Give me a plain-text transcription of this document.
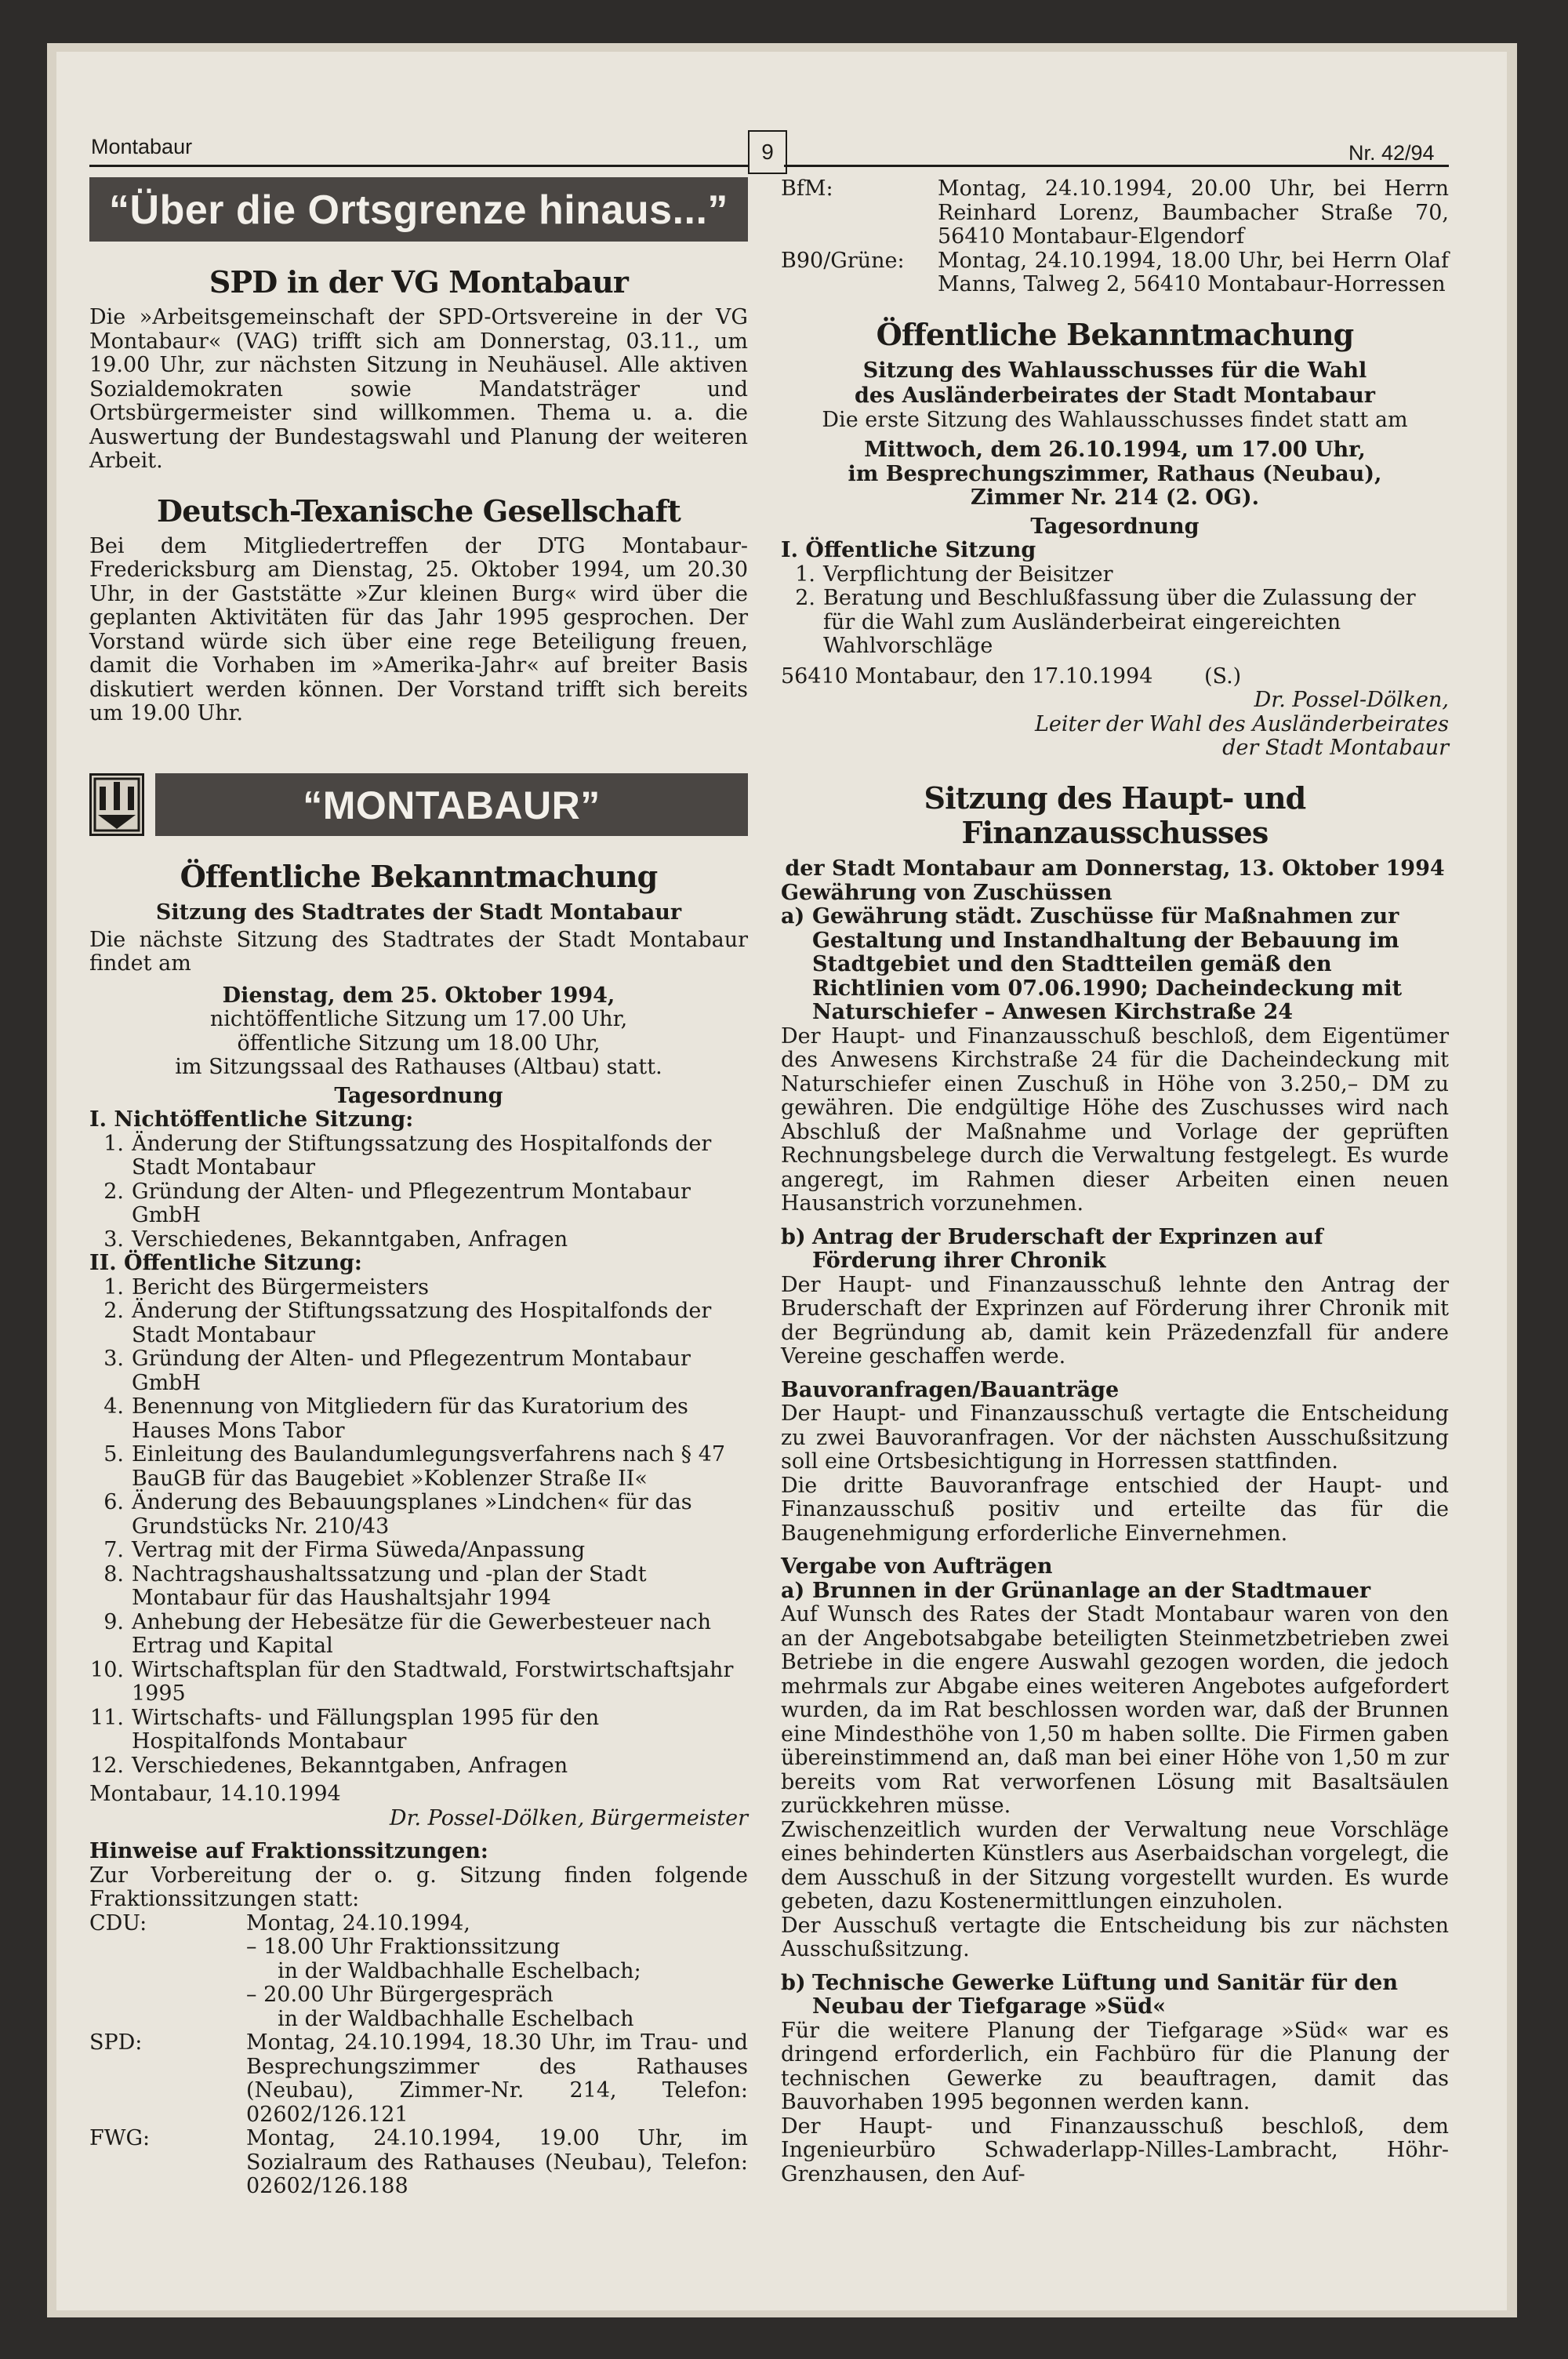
Montabaur	9	Nr. 42/94
“Über die Ortsgrenze hinaus...”
SPD in der VG Montabaur

Die »Arbeitsgemeinschaft der SPD-Ortsvereine in der VG Montabaur« (VAG) trifft sich am Donnerstag, 03.11., um 19.00 Uhr, zur nächsten Sitzung in Neuhäusel. Alle aktiven Sozialdemokraten sowie Mandatsträger und Ortsbürgermeister sind willkommen. Thema u. a. die Auswertung der Bundestagswahl und Planung der weiteren Arbeit.

Deutsch-Texanische Gesellschaft

Bei dem Mitgliedertreffen der DTG Montabaur-Fredericksburg am Dienstag, 25. Oktober 1994, um 20.30 Uhr, in der Gaststätte »Zur kleinen Burg« wird über die geplanten Aktivitäten für das Jahr 1995 gesprochen. Der Vorstand würde sich über eine rege Beteiligung freuen, damit die Vorhaben im »Amerika-Jahr« auf breiter Basis diskutiert werden können. Der Vorstand trifft sich bereits um 19.00 Uhr.

“MONTABAUR”
Öffentliche Bekanntmachung
Sitzung des Stadtrates der Stadt Montabaur

Die nächste Sitzung des Stadtrates der Stadt Montabaur findet am

Dienstag, dem 25. Oktober 1994,
nichtöffentliche Sitzung um 17.00 Uhr,
öffentliche Sitzung um 18.00 Uhr,
im Sitzungssaal des Rathauses (Altbau) statt.
Tagesordnung
I. Nichtöffentliche Sitzung:
1. Änderung der Stiftungssatzung des Hospitalfonds der Stadt Montabaur
2. Gründung der Alten- und Pflegezentrum Montabaur GmbH
3. Verschiedenes, Bekanntgaben, Anfragen
II. Öffentliche Sitzung:
1. Bericht des Bürgermeisters
2. Änderung der Stiftungssatzung des Hospitalfonds der Stadt Montabaur
3. Gründung der Alten- und Pflegezentrum Montabaur GmbH
4. Benennung von Mitgliedern für das Kuratorium des Hauses Mons Tabor
5. Einleitung des Baulandumlegungsverfahrens nach § 47 BauGB für das Baugebiet »Koblenzer Straße II«
6. Änderung des Bebauungsplanes »Lindchen« für das Grundstücks Nr. 210/43
7. Vertrag mit der Firma Süweda/Anpassung
8. Nachtragshaushaltssatzung und -plan der Stadt Montabaur für das Haushaltsjahr 1994
9. Anhebung der Hebesätze für die Gewerbesteuer nach Ertrag und Kapital
10. Wirtschaftsplan für den Stadtwald, Forstwirtschaftsjahr 1995
11. Wirtschafts- und Fällungsplan 1995 für den Hospitalfonds Montabaur
12. Verschiedenes, Bekanntgaben, Anfragen
Montabaur, 14.10.1994
Dr. Possel-Dölken, Bürgermeister
Hinweise auf Fraktionssitzungen:

Zur Vorbereitung der o. g. Sitzung finden folgende Fraktionssitzungen statt:

CDU:	Montag, 24.10.1994,
– 18.00 Uhr Fraktionssitzung
in der Waldbachhalle Eschelbach;
– 20.00 Uhr Bürgergespräch
in der Waldbachhalle Eschelbach
SPD:	Montag, 24.10.1994, 18.30 Uhr, im Trau- und Besprechungszimmer des Rathauses (Neubau), Zimmer-Nr. 214, Telefon: 02602/126.121
FWG:	Montag, 24.10.1994, 19.00 Uhr, im Sozialraum des Rathauses (Neubau), Telefon: 02602/126.188
BfM:	Montag, 24.10.1994, 20.00 Uhr, bei Herrn Reinhard Lorenz, Baumbacher Straße 70, 56410 Montabaur-Elgendorf
B90/Grüne:	Montag, 24.10.1994, 18.00 Uhr, bei Herrn Olaf Manns, Talweg 2, 56410 Montabaur-Horressen
Öffentliche Bekanntmachung
Sitzung des Wahlausschusses für die Wahl
des Ausländerbeirates der Stadt Montabaur
Die erste Sitzung des Wahlausschusses findet statt am
Mittwoch, dem 26.10.1994, um 17.00 Uhr,
im Besprechungszimmer, Rathaus (Neubau),
Zimmer Nr. 214 (2. OG).
Tagesordnung
I. Öffentliche Sitzung
1. Verpflichtung der Beisitzer
2. Beratung und Beschlußfassung über die Zulassung der für die Wahl zum Ausländerbeirat eingereichten Wahlvorschläge
56410 Montabaur, den 17.10.1994	(S.)
Dr. Possel-Dölken,
Leiter der Wahl des Ausländerbeirates
der Stadt Montabaur
Sitzung des Haupt- und Finanzausschusses
der Stadt Montabaur am Donnerstag, 13. Oktober 1994
Gewährung von Zuschüssen
a) Gewährung städt. Zuschüsse für Maßnahmen zur Gestaltung und Instandhaltung der Bebauung im Stadtgebiet und den Stadtteilen gemäß den Richtlinien vom 07.06.1990; Dacheindeckung mit Naturschiefer – Anwesen Kirchstraße 24

Der Haupt- und Finanzausschuß beschloß, dem Eigentümer des Anwesens Kirchstraße 24 für die Dacheindeckung mit Naturschiefer einen Zuschuß in Höhe von 3.250,– DM zu gewähren. Die endgültige Höhe des Zuschusses wird nach Abschluß der Maßnahme und Vorlage der geprüften Rechnungsbelege durch die Verwaltung festgelegt. Es wurde angeregt, im Rahmen dieser Arbeiten einen neuen Hausanstrich vorzunehmen.

b) Antrag der Bruderschaft der Exprinzen auf Förderung ihrer Chronik

Der Haupt- und Finanzausschuß lehnte den Antrag der Bruderschaft der Exprinzen auf Förderung ihrer Chronik mit der Begründung ab, damit kein Präzedenzfall für andere Vereine geschaffen werde.

Bauvoranfragen/Bauanträge

Der Haupt- und Finanzausschuß vertagte die Entscheidung zu zwei Bauvoranfragen. Vor der nächsten Ausschußsitzung soll eine Ortsbesichtigung in Horressen stattfinden.

Die dritte Bauvoranfrage entschied der Haupt- und Finanzausschuß positiv und erteilte das für die Baugenehmigung erforderliche Einvernehmen.

Vergabe von Aufträgen
a) Brunnen in der Grünanlage an der Stadtmauer

Auf Wunsch des Rates der Stadt Montabaur waren von den an der Angebotsabgabe beteiligten Steinmetzbetrieben zwei Betriebe in die engere Auswahl gezogen worden, die jedoch mehrmals zur Abgabe eines weiteren Angebotes aufgefordert wurden, da im Rat beschlossen worden war, daß der Brunnen eine Mindesthöhe von 1,50 m haben sollte. Die Firmen gaben übereinstimmend an, daß man bei einer Höhe von 1,50 m zur bereits vom Rat verworfenen Lösung mit Basaltsäulen zurückkehren müsse.

Zwischenzeitlich wurden der Verwaltung neue Vorschläge eines behinderten Künstlers aus Aserbaidschan vorgelegt, die dem Ausschuß in der Sitzung vorgestellt wurden. Es wurde gebeten, dazu Kostenermittlungen einzuholen.

Der Ausschuß vertagte die Entscheidung bis zur nächsten Ausschußsitzung.

b) Technische Gewerke Lüftung und Sanitär für den Neubau der Tiefgarage »Süd«

Für die weitere Planung der Tiefgarage »Süd« war es dringend erforderlich, ein Fachbüro für die Planung der technischen Gewerke zu beauftragen, damit das Bauvorhaben 1995 begonnen werden kann.

Der Haupt- und Finanzausschuß beschloß, dem Ingenieurbüro Schwaderlapp-Nilles-Lambracht, Höhr-Grenzhausen, den Auf-
